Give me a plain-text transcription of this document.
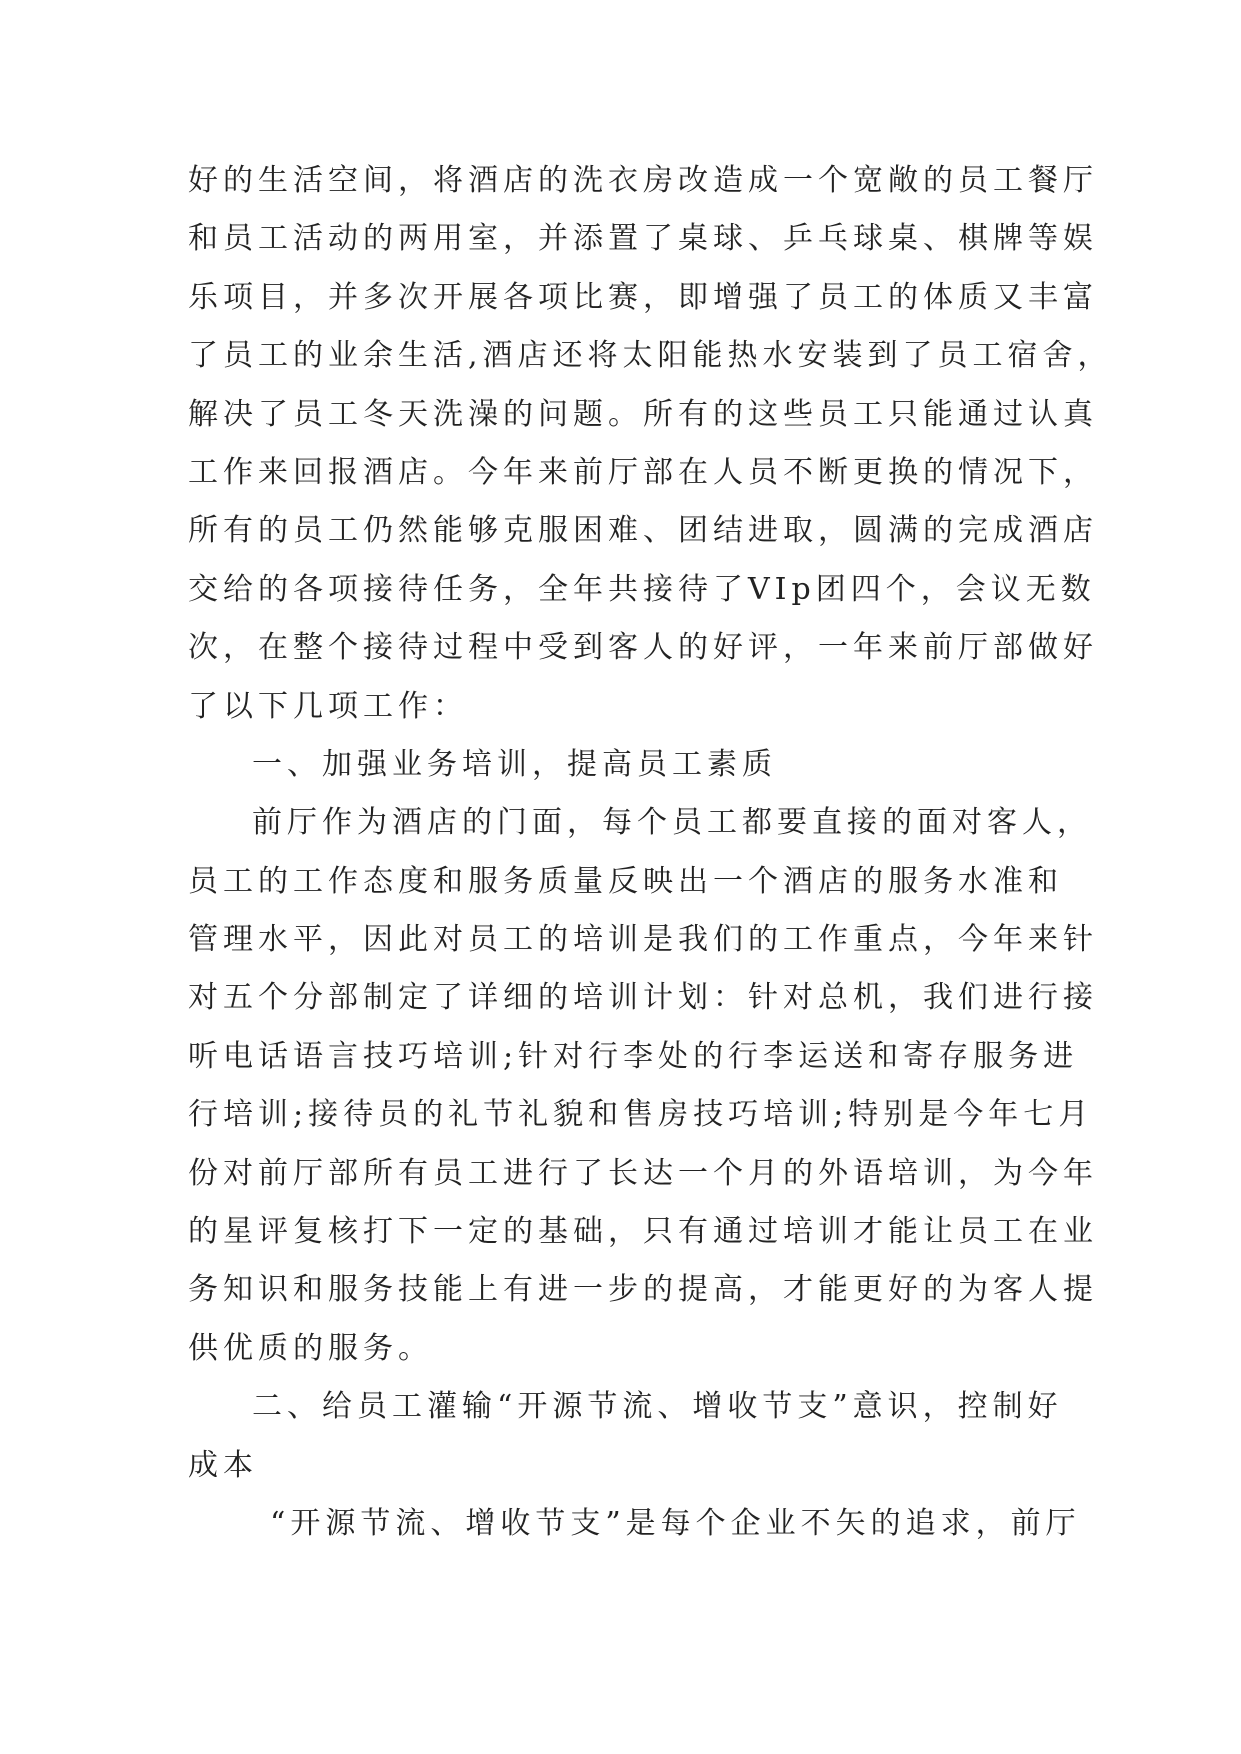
好的生活空间，将酒店的洗衣房改造成一个宽敞的员工餐厅
和员工活动的两用室，并添置了桌球、乒乓球桌、棋牌等娱
乐项目，并多次开展各项比赛，即增强了员工的体质又丰富
了员工的业余生活,酒店还将太阳能热水安装到了员工宿舍，
解决了员工冬天洗澡的问题。所有的这些员工只能通过认真
工作来回报酒店。今年来前厅部在人员不断更换的情况下，
所有的员工仍然能够克服困难、团结进取，圆满的完成酒店
交给的各项接待任务，全年共接待了VIp团四个，会议无数
次，在整个接待过程中受到客人的好评，一年来前厅部做好
了以下几项工作：
一、加强业务培训，提高员工素质
前厅作为酒店的门面，每个员工都要直接的面对客人，
员工的工作态度和服务质量反映出一个酒店的服务水准和
管理水平，因此对员工的培训是我们的工作重点，今年来针
对五个分部制定了详细的培训计划：针对总机，我们进行接
听电话语言技巧培训;针对行李处的行李运送和寄存服务进
行培训;接待员的礼节礼貌和售房技巧培训;特别是今年七月
份对前厅部所有员工进行了长达一个月的外语培训，为今年
的星评复核打下一定的基础，只有通过培训才能让员工在业
务知识和服务技能上有进一步的提高，才能更好的为客人提
供优质的服务。
二、给员工灌输“开源节流、增收节支”意识，控制好
成本
“开源节流、增收节支”是每个企业不矢的追求，前厅
